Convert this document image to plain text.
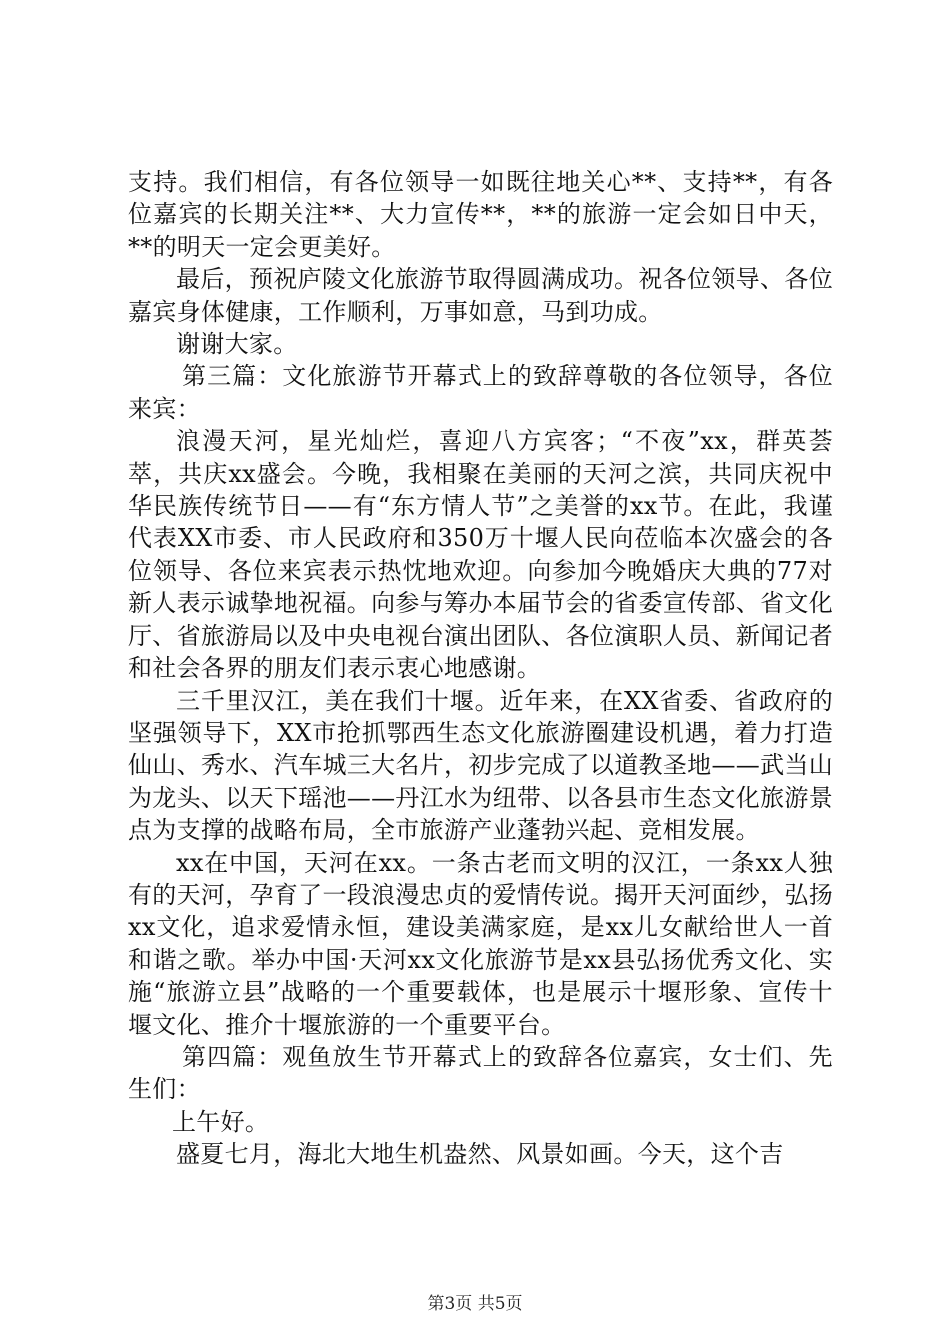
支持。我们相信，有各位领导一如既往地关心**、支持**，有各位嘉宾的长期关注**、大力宣传**，**的旅游一定会如日中天，**的明天一定会更美好。

最后，预祝庐陵文化旅游节取得圆满成功。祝各位领导、各位嘉宾身体健康，工作顺利，万事如意，马到功成。

谢谢大家。

第三篇：文化旅游节开幕式上的致辞尊敬的各位领导，各位来宾：

浪漫天河，星光灿烂，喜迎八方宾客；“不夜”xx，群英荟萃，共庆xx盛会。今晚，我相聚在美丽的天河之滨，共同庆祝中华民族传统节日——有“东方情人节”之美誉的xx节。在此，我谨代表XX市委、市人民政府和350万十堰人民向莅临本次盛会的各位领导、各位来宾表示热忱地欢迎。向参加今晚婚庆大典的77对新人表示诚挚地祝福。向参与筹办本届节会的省委宣传部、省文化厅、省旅游局以及中央电视台演出团队、各位演职人员、新闻记者和社会各界的朋友们表示衷心地感谢。

三千里汉江，美在我们十堰。近年来，在XX省委、省政府的坚强领导下，XX市抢抓鄂西生态文化旅游圈建设机遇，着力打造仙山、秀水、汽车城三大名片，初步完成了以道教圣地——武当山为龙头、以天下瑶池——丹江水为纽带、以各县市生态文化旅游景点为支撑的战略布局，全市旅游产业蓬勃兴起、竞相发展。

xx在中国，天河在xx。一条古老而文明的汉江，一条xx人独有的天河，孕育了一段浪漫忠贞的爱情传说。揭开天河面纱，弘扬xx文化，追求爱情永恒，建设美满家庭，是xx儿女献给世人一首和谐之歌。举办中国·天河xx文化旅游节是xx县弘扬优秀文化、实施“旅游立县”战略的一个重要载体，也是展示十堰形象、宣传十堰文化、推介十堰旅游的一个重要平台。

第四篇：观鱼放生节开幕式上的致辞各位嘉宾，女士们、先生们：

上午好。

盛夏七月，海北大地生机盎然、风景如画。今天，这个吉

第3页 共5页
